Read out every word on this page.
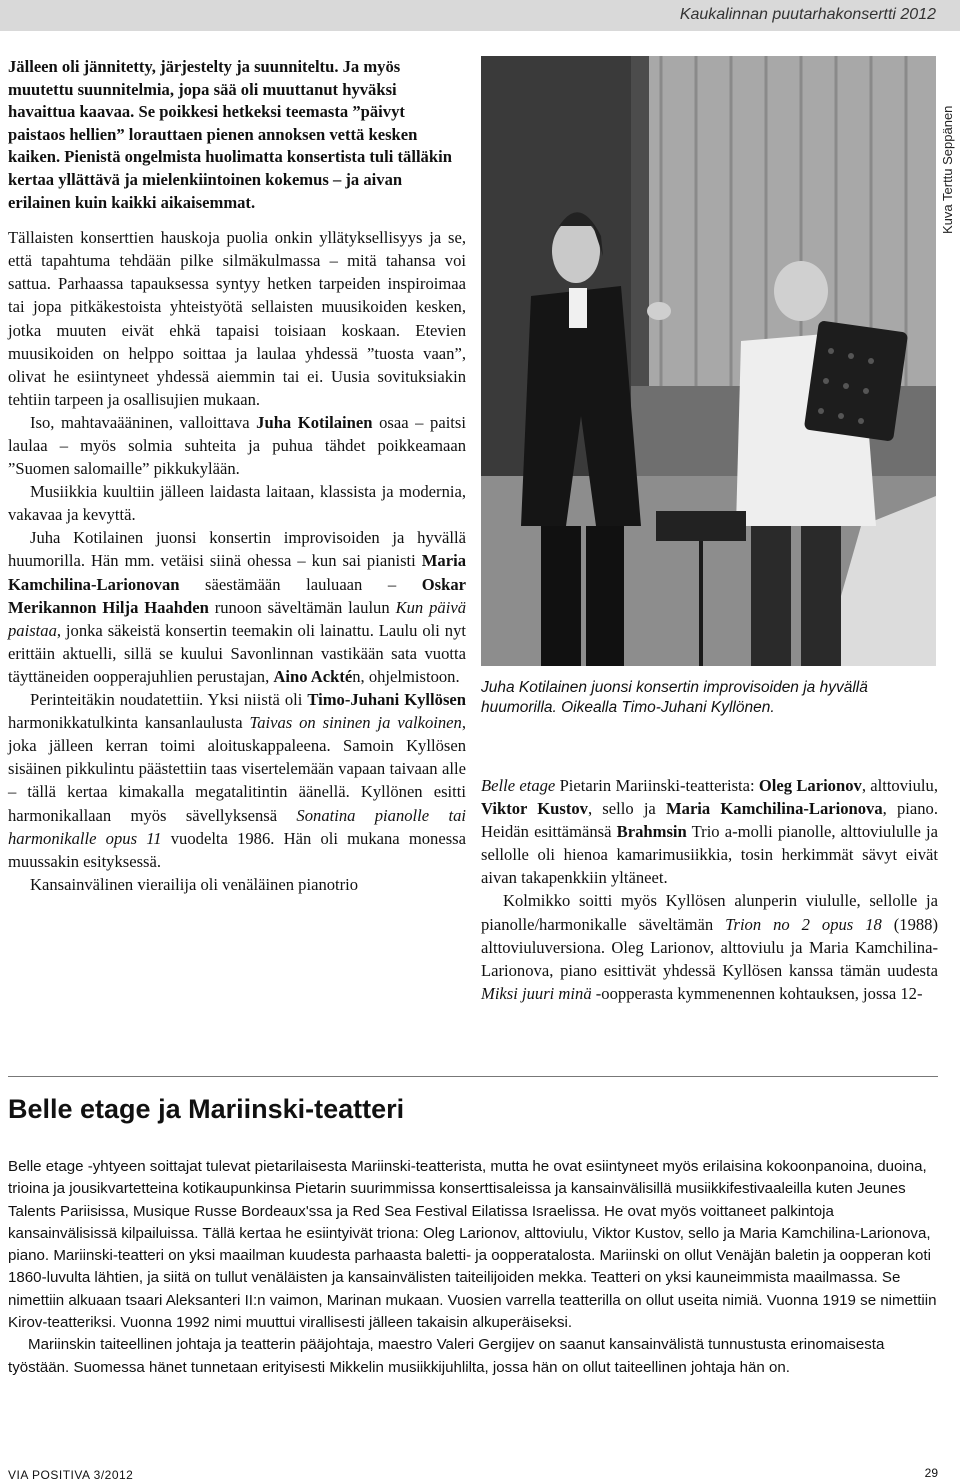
Kaukalinnan puutarhakonsertti 2012

Jälleen oli jännitetty, järjestelty ja suunniteltu. Ja myös muutettu suunnitelmia, jopa sää oli muuttanut hyväksi havaittua kaavaa. Se poikkesi hetkeksi teemasta ”päivyt paistaos hellien” lorauttaen pienen annoksen vettä kesken kaiken. Pienistä ongelmista huolimatta konsertista tuli tälläkin kertaa yllättävä ja mielenkiintoinen kokemus – ja aivan erilainen kuin kaikki aikaisemmat.

Tällaisten konserttien hauskoja puolia onkin yllätyksellisyys ja se, että tapahtuma tehdään pilke silmäkulmassa – mitä tahansa voi sattua. Parhaassa tapauksessa syntyy hetken tarpeiden inspiroimaa tai jopa pitkäkestoista yhteistyötä sellaisten muusikoiden kesken, jotka muuten eivät ehkä tapaisi toisiaan koskaan. Etevien muusikoiden on helppo soittaa ja laulaa yhdessä ”tuosta vaan”, olivat he esiintyneet yhdessä aiemmin tai ei. Uusia sovituksiakin tehtiin tarpeen ja osallisujien mukaan.

Iso, mahtavaääninen, valloittava Juha Kotilainen osaa – paitsi laulaa – myös solmia suhteita ja puhua tähdet poikkeamaan ”Suomen salomaille” pikkukylään.

Musiikkia kuultiin jälleen laidasta laitaan, klassista ja modernia, vakavaa ja kevyttä.

Juha Kotilainen juonsi konsertin improvisoiden ja hyvällä huumorilla. Hän mm. vetäisi siinä ohessa – kun sai pianisti Maria Kamchilina-Larionovan säestämään lauluaan – Oskar Merikannon Hilja Haahden runoon säveltämän laulun Kun päivä paistaa, jonka säkeistä konsertin teemakin oli lainattu. Laulu oli nyt erittäin aktuelli, sillä se kuului Savonlinnan vastikään sata vuotta täyttäneiden oopperajuhlien perustajan, Aino Acktén, ohjelmistoon.

Perinteitäkin noudatettiin. Yksi niistä oli Timo-Juhani Kyllösen harmonikkatulkinta kansanlaulusta Taivas on sininen ja valkoinen, joka jälleen kerran toimi aloituskappaleena. Samoin Kyllösen sisäinen pikkulintu päästettiin taas visertelemään vapaan taivaan alle – tällä kertaa kimakalla megatalitintin äänellä. Kyllönen esitti harmonikallaan myös sävellyksensä Sonatina pianolle tai harmonikalle opus 11 vuodelta 1986. Hän oli mukana monessa muussakin esityksessä.

Kansainvälinen vierailija oli venäläinen pianotrio

Kuva Terttu Seppänen

Juha Kotilainen juonsi konsertin improvisoiden ja hyvällä huumorilla. Oikealla Timo-Juhani Kyllönen.

Belle etage Pietarin Mariinski-teatterista: Oleg Larionov, alttoviulu, Viktor Kustov, sello ja Maria Kamchilina-Larionova, piano. Heidän esittämänsä Brahmsin Trio a-molli pianolle, alttoviululle ja sellolle oli hienoa kamarimusiikkia, tosin herkimmät sävyt eivät aivan takapenkkiin yltäneet.

Kolmikko soitti myös Kyllösen alunperin viululle, sellolle ja pianolle/harmonikalle säveltämän Trion no 2 opus 18 (1988) alttoviuluversiona. Oleg Larionov, alttoviulu ja Maria Kamchilina-Larionova, piano esittivät yhdessä Kyllösen kanssa tämän uudesta Miksi juuri minä -oopperasta kymmenennen kohtauksen, jossa 12-

Belle etage ja Mariinski-teatteri

Belle etage -yhtyeen soittajat tulevat pietarilaisesta Mariinski-teatterista, mutta he ovat esiintyneet myös erilaisina kokoonpanoina, duoina, trioina ja jousikvartetteina kotikaupunkinsa Pietarin suurimmissa konserttisaleissa ja kansainvälisillä musiikkifestivaaleilla kuten Jeunes Talents Pariisissa, Musique Russe Bordeaux'ssa ja Red Sea Festival Eilatissa Israelissa. He ovat myös voittaneet palkintoja kansainvälisissä kilpailuissa. Tällä kertaa he esiintyivät triona: Oleg Larionov, alttoviulu, Viktor Kustov, sello ja Maria Kamchilina-Larionova, piano. Mariinski-teatteri on yksi maailman kuudesta parhaasta baletti- ja oopperatalosta. Mariinski on ollut Venäjän baletin ja oopperan koti 1860-luvulta lähtien, ja siitä on tullut venäläisten ja kansainvälisten taiteilijoiden mekka. Teatteri on yksi kauneimmista maailmassa. Se nimettiin alkuaan tsaari Aleksanteri II:n vaimon, Marinan mukaan. Vuosien varrella teatterilla on ollut useita nimiä. Vuonna 1919 se nimettiin Kirov-teatteriksi. Vuonna 1992 nimi muuttui virallisesti jälleen takaisin alkuperäiseksi.

Mariinskin taiteellinen johtaja ja teatterin pääjohtaja, maestro Valeri Gergijev on saanut kansainvälistä tunnustusta erinomaisesta työstään. Suomessa hänet tunnetaan erityisesti Mikkelin musiikkijuhlilta, jossa hän on ollut taiteellinen johtaja hän on.

VIA POSITIVA 3/2012	29
